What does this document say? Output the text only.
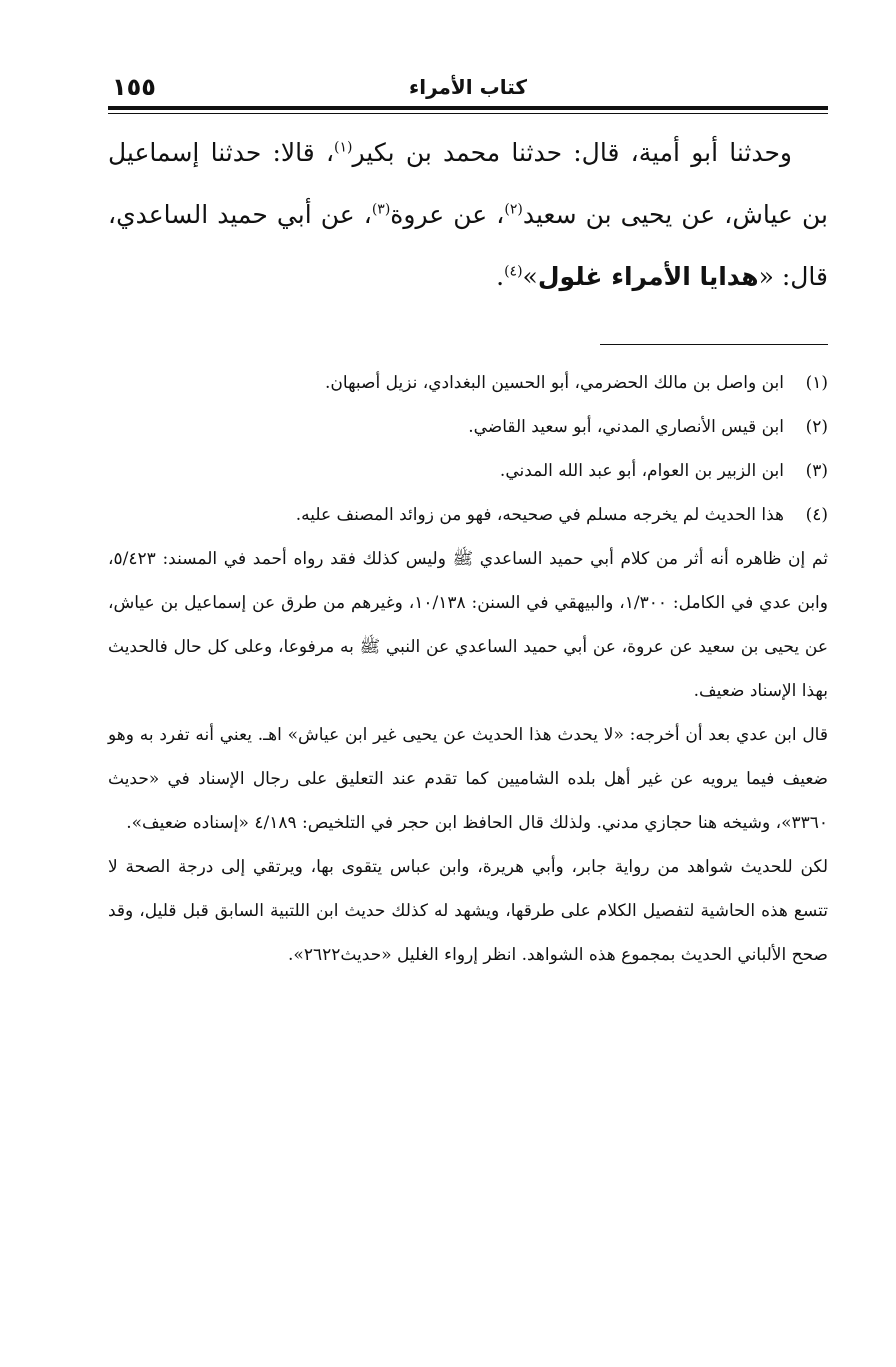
كتاب الأمراء
١٥٥

وحدثنا أبو أمية، قال: حدثنا محمد بن بكير$^{(١)}$، قالا: حدثنا إسماعيل بن عياش، عن يحيى بن سعيد$^{(٢)}$، عن عروة$^{(٣)}$، عن أبي حميد الساعدي، قال: «هدايا الأمراء غلول»$^{(٤)}$.

(١)
ابن واصل بن مالك الحضرمي، أبو الحسين البغدادي، نزيل أصبهان.
(٢)
ابن قيس الأنصاري المدني، أبو سعيد القاضي.
(٣)
ابن الزبير بن العوام، أبو عبد الله المدني.
(٤)
هذا الحديث لم يخرجه مسلم في صحيحه، فهو من زوائد المصنف عليه.

ثم إن ظاهره أنه أثر من كلام أبي حميد الساعدي ﷺ وليس كذلك فقد رواه أحمد في المسند: ٥/٤٢٣، وابن عدي في الكامل: ١/٣٠٠، والبيهقي في السنن: ١٠/١٣٨، وغيرهم من طرق عن إسماعيل بن عياش، عن يحيى بن سعيد عن عروة، عن أبي حميد الساعدي عن النبي ﷺ به مرفوعا، وعلى كل حال فالحديث بهذا الإسناد ضعيف.

قال ابن عدي بعد أن أخرجه: «لا يحدث هذا الحديث عن يحيى غير ابن عياش» اهـ. يعني أنه تفرد به وهو ضعيف فيما يرويه عن غير أهل بلده الشاميين كما تقدم عند التعليق على رجال الإسناد في «حديث ٣٣٦٠»، وشيخه هنا حجازي مدني. ولذلك قال الحافظ ابن حجر في التلخيص: ٤/١٨٩ «إسناده ضعيف».

لكن للحديث شواهد من رواية جابر، وأبي هريرة، وابن عباس يتقوى بها، ويرتقي إلى درجة الصحة لا تتسع هذه الحاشية لتفصيل الكلام على طرقها، ويشهد له كذلك حديث ابن اللتبية السابق قبل قليل، وقد صحح الألباني الحديث بمجموع هذه الشواهد. انظر إرواء الغليل «حديث٢٦٢٢».
